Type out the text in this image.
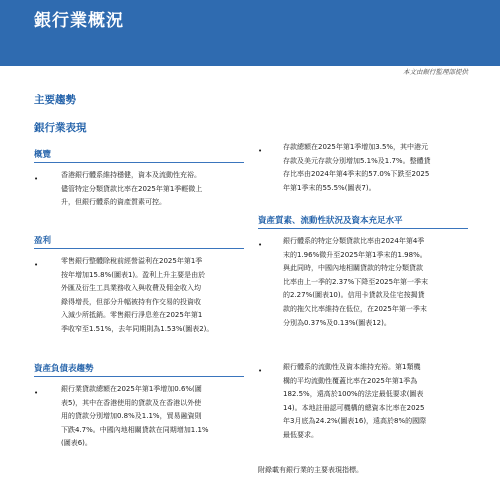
銀行業概況
本文由銀行監理部提供
主要趨勢
銀行業表現
概覽
•	香港銀行體系維持穩健，資本及流動性充裕。
儘管特定分類貸款比率在2025年第1季輕微上
升，但銀行體系的資產質素可控。
盈利
•	零售銀行整體除稅前經營溢利在2025年第1季
按年增加15.8%(圖表1)。盈利上升主要是由於
外匯及衍生工具業務收入與收費及佣金收入均
錄得增長，但部分升幅被持有作交易的投資收
入減少所抵銷。零售銀行淨息差在2025年第1
季收窄至1.51%，去年同期則為1.53%(圖表2)。
資產負債表趨勢
•	銀行業貸款總額在2025年第1季增加0.6%(圖
表5)，其中在香港使用的貸款及在香港以外使
用的貸款分別增加0.8%及1.1%，貿易融資則
下跌4.7%。中國內地相關貸款在同期增加1.1%
(圖表6)。
•	存款總額在2025年第1季增加3.5%，其中港元
存款及美元存款分別增加5.1%及1.7%。整體貸
存比率由2024年第4季末的57.0%下跌至2025
年第1季末的55.5%(圖表7)。
資產質素、流動性狀況及資本充足水平
•	銀行體系的特定分類貸款比率由2024年第4季
末的1.96%微升至2025年第1季末的1.98%。
與此同時，中國內地相關貸款的特定分類貸款
比率由上一季的2.37%下降至2025年第一季末
的2.27%(圖表10)。信用卡貸款及住宅按揭貸
款的拖欠比率維持在低位，在2025年第一季末
分別為0.37%及0.13%(圖表12)。
•	銀行體系的流動性及資本維持充裕。第1類機
構的平均流動性覆蓋比率在2025年第1季為
182.5%，遠高於100%的法定最低要求(圖表
14)。本地註冊認可機構的總資本比率在2025
年3月底為24.2%(圖表16)，遠高於8%的國際
最低要求。
附錄載有銀行業的主要表現指標。
